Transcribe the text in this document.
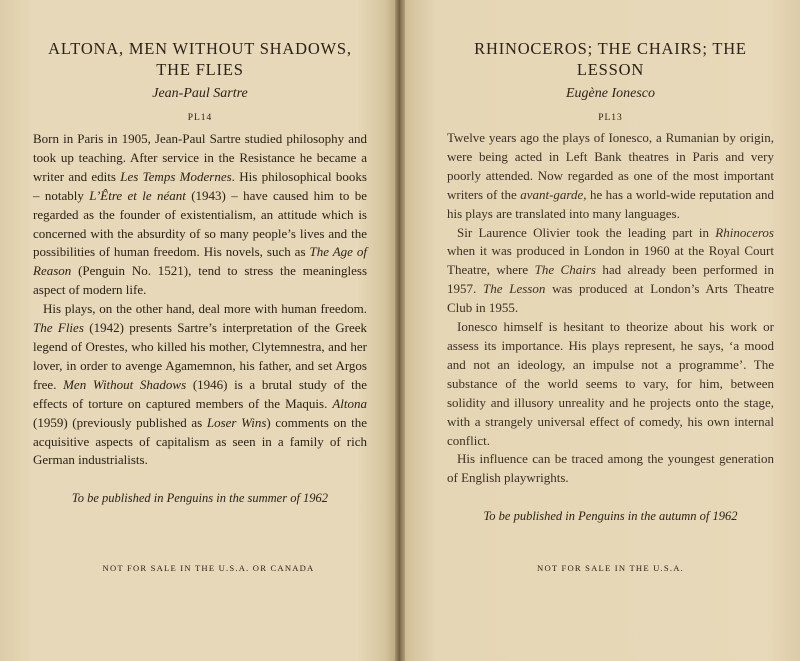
ALTONA, MEN WITHOUT SHADOWS,
THE FLIES
Jean-Paul Sartre
PL14

Born in Paris in 1905, Jean-Paul Sartre studied philosophy and took up teaching. After service in the Resistance he became a writer and edits Les Temps Modernes. His philosophical books – notably L’Être et le néant (1943) – have caused him to be regarded as the founder of existentialism, an attitude which is concerned with the absurdity of so many people’s lives and the possibilities of human freedom. His novels, such as The Age of Reason (Penguin No. 1521), tend to stress the meaningless aspect of modern life.

His plays, on the other hand, deal more with human freedom. The Flies (1942) presents Sartre’s interpretation of the Greek legend of Orestes, who killed his mother, Clytemnestra, and her lover, in order to avenge Agamemnon, his father, and set Argos free. Men Without Shadows (1946) is a brutal study of the effects of torture on captured members of the Maquis. Altona (1959) (previously published as Loser Wins) comments on the acquisitive aspects of capitalism as seen in a family of rich German industrialists.

To be published in Penguins in the summer of 1962
NOT FOR SALE IN THE U.S.A. OR CANADA
RHINOCEROS; THE CHAIRS; THE LESSON
Eugène Ionesco
PL13

Twelve years ago the plays of Ionesco, a Rumanian by origin, were being acted in Left Bank theatres in Paris and very poorly attended. Now regarded as one of the most important writers of the avant-garde, he has a world-wide reputation and his plays are translated into many languages.

Sir Laurence Olivier took the leading part in Rhinoceros when it was produced in London in 1960 at the Royal Court Theatre, where The Chairs had already been performed in 1957. The Lesson was produced at London’s Arts Theatre Club in 1955.

Ionesco himself is hesitant to theorize about his work or assess its importance. His plays represent, he says, ‘a mood and not an ideology, an impulse not a programme’. The substance of the world seems to vary, for him, between solidity and illusory unreality and he projects onto the stage, with a strangely universal effect of comedy, his own internal conflict.

His influence can be traced among the youngest generation of English playwrights.

To be published in Penguins in the autumn of 1962
NOT FOR SALE IN THE U.S.A.
